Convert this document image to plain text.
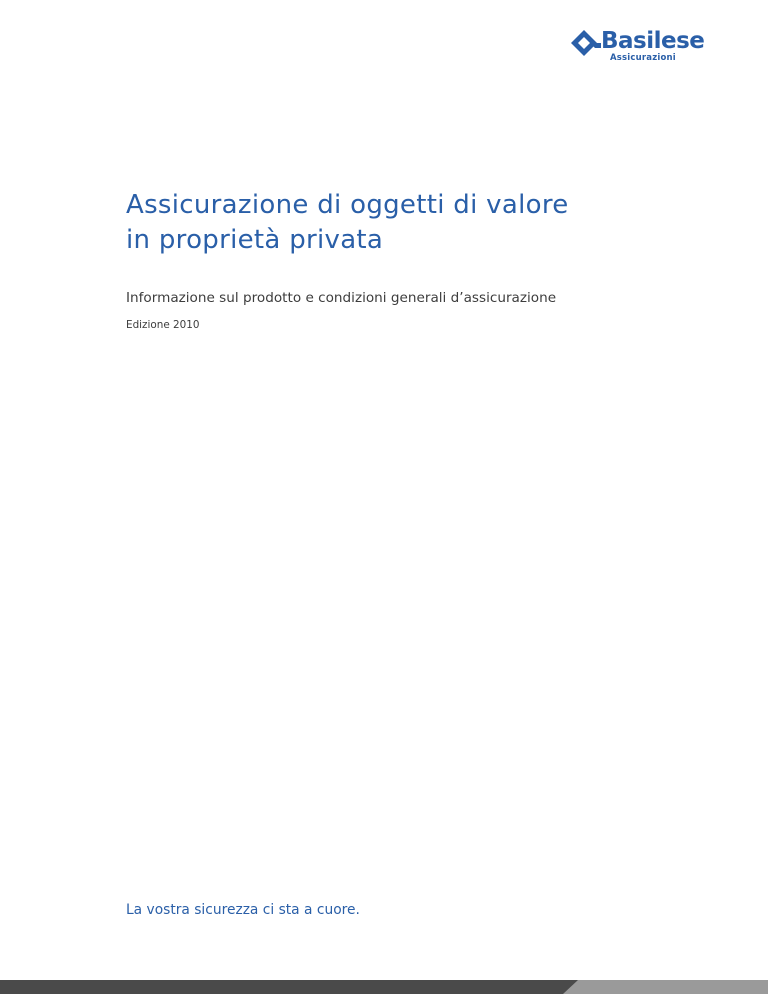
Basilese
Assicurazioni
Assicurazione di oggetti di valore
in proprietà privata

Informazione sul prodotto e condizioni generali d’assicurazione

Edizione 2010

La vostra sicurezza ci sta a cuore.
